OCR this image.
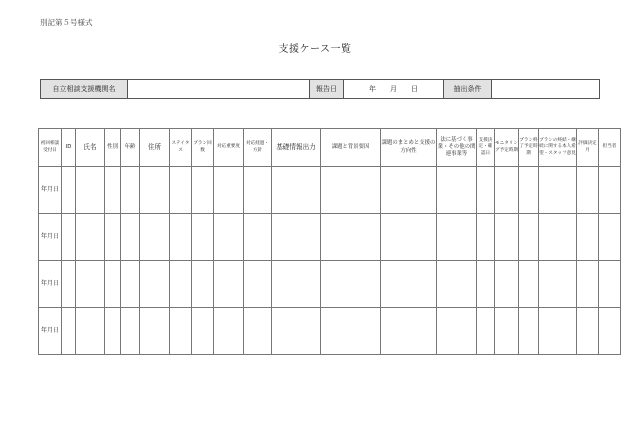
別記第５号様式
支援ケース一覧
自立相談支援機関名		報告日	年 月 日	抽出条件	
初回相談受付日	ID	氏名	性別	年齢	住所	ステイタス	プラン回数	対応重要度	対応経過・方針	基礎情報出力	課題と背景要因	課題のまとめと支援の方向性	法に基づく事業・その他の関連事業等	支援決定・確認日	モニタリング予定時期	プラン終了予定時期	プランの終結・継続に関する本人希望・スタッフ意見	評価決定月	担当者
年月日																			
年月日																			
年月日																			
年月日																			
